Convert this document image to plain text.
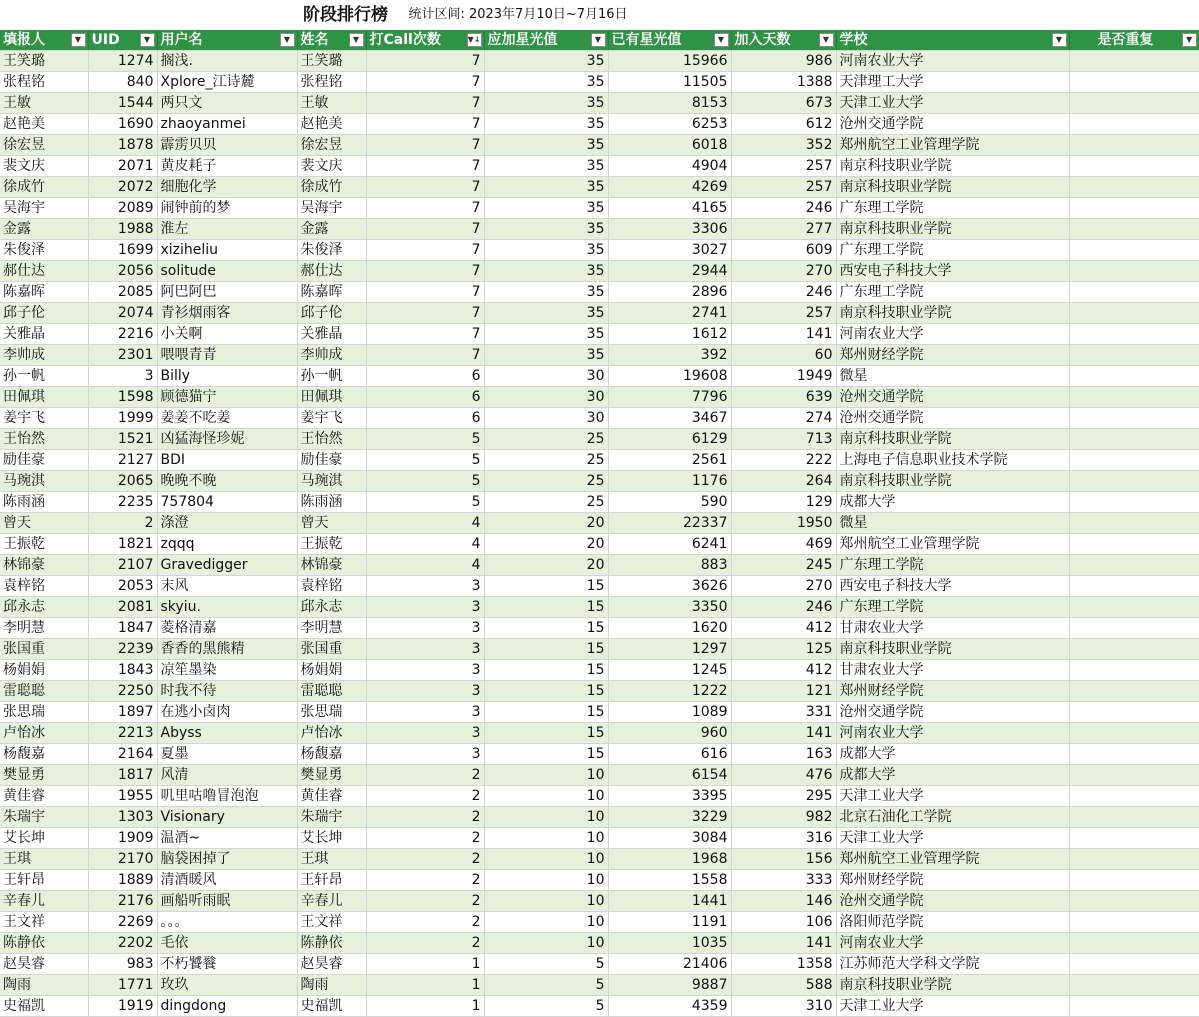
阶段排行榜 统计区间: 2023年7月10日~7月16日									
填报人 ▼	UID ▼	用户名 ▼	姓名 ▼	打Call次数 ▼↓	应加星光值 ▼	已有星光值 ▼	加入天数 ▼	学校 ▼	是否重复 ▼

王笑璐	1274	搁浅.	王笑璐	7	35	15966	986	河南农业大学	
张程铭	840	Xplore_江诗麓	张程铭	7	35	11505	1388	天津理工大学	
王敏	1544	两只文	王敏	7	35	8153	673	天津工业大学	
赵艳美	1690	zhaoyanmei	赵艳美	7	35	6253	612	沧州交通学院	
徐宏昱	1878	霹雳贝贝	徐宏昱	7	35	6018	352	郑州航空工业管理学院	
裴文庆	2071	黄皮耗子	裴文庆	7	35	4904	257	南京科技职业学院	
徐成竹	2072	细胞化学	徐成竹	7	35	4269	257	南京科技职业学院	
吴海宇	2089	闹钟前的梦	吴海宇	7	35	4165	246	广东理工学院	
金露	1988	淮左	金露	7	35	3306	277	南京科技职业学院	
朱俊泽	1699	xiziheliu	朱俊泽	7	35	3027	609	广东理工学院	
郝仕达	2056	solitude	郝仕达	7	35	2944	270	西安电子科技大学	
陈嘉晖	2085	阿巴阿巴	陈嘉晖	7	35	2896	246	广东理工学院	
邱子伦	2074	青衫烟雨客	邱子伦	7	35	2741	257	南京科技职业学院	
关雅晶	2216	小关啊	关雅晶	7	35	1612	141	河南农业大学	
李帅成	2301	喂喂青青	李帅成	7	35	392	60	郑州财经学院	
孙一帆	3	Billy	孙一帆	6	30	19608	1949	微星	
田佩琪	1598	顾德猫宁	田佩琪	6	30	7796	639	沧州交通学院	
姜宇飞	1999	姜姜不吃姜	姜宇飞	6	30	3467	274	沧州交通学院	
王怡然	1521	凶猛海怪珍妮	王怡然	5	25	6129	713	南京科技职业学院	
励佳豪	2127	BDI	励佳豪	5	25	2561	222	上海电子信息职业技术学院	
马琬淇	2065	晚晚不晚	马琬淇	5	25	1176	264	南京科技职业学院	
陈雨涵	2235	757804	陈雨涵	5	25	590	129	成都大学	
曾天	2	涤澄	曾天	4	20	22337	1950	微星	
王振乾	1821	zqqq	王振乾	4	20	6241	469	郑州航空工业管理学院	
林锦豪	2107	Gravedigger	林锦豪	4	20	883	245	广东理工学院	
袁梓铭	2053	末风	袁梓铭	3	15	3626	270	西安电子科技大学	
邱永志	2081	skyiu.	邱永志	3	15	3350	246	广东理工学院	
李明慧	1847	菱格清嘉	李明慧	3	15	1620	412	甘肃农业大学	
张国重	2239	香香的黑熊精	张国重	3	15	1297	125	南京科技职业学院	
杨娟娟	1843	凉笙墨染	杨娟娟	3	15	1245	412	甘肃农业大学	
雷聪聪	2250	时我不待	雷聪聪	3	15	1222	121	郑州财经学院	
张思瑞	1897	在逃小卤肉	张思瑞	3	15	1089	331	沧州交通学院	
卢怡冰	2213	Abyss	卢怡冰	3	15	960	141	河南农业大学	
杨馥嘉	2164	夏墨	杨馥嘉	3	15	616	163	成都大学	
樊显勇	1817	风清	樊显勇	2	10	6154	476	成都大学	
黄佳睿	1955	叽里咕噜冒泡泡	黄佳睿	2	10	3395	295	天津工业大学	
朱瑞宇	1303	Visionary	朱瑞宇	2	10	3229	982	北京石油化工学院	
艾长坤	1909	温酒~	艾长坤	2	10	3084	316	天津工业大学	
王琪	2170	脑袋困掉了	王琪	2	10	1968	156	郑州航空工业管理学院	
王轩昂	1889	清酒暖风	王轩昂	2	10	1558	333	郑州财经学院	
辛春儿	2176	画船听雨眠	辛春儿	2	10	1441	146	沧州交通学院	
王文祥	2269	。。。	王文祥	2	10	1191	106	洛阳师范学院	
陈静依	2202	毛依	陈静依	2	10	1035	141	河南农业大学	
赵昊睿	983	不朽饕餮	赵昊睿	1	5	21406	1358	江苏师范大学科文学院	
陶雨	1771	玫玖	陶雨	1	5	9887	588	南京科技职业学院	
史福凯	1919	dingdong	史福凯	1	5	4359	310	天津工业大学	
